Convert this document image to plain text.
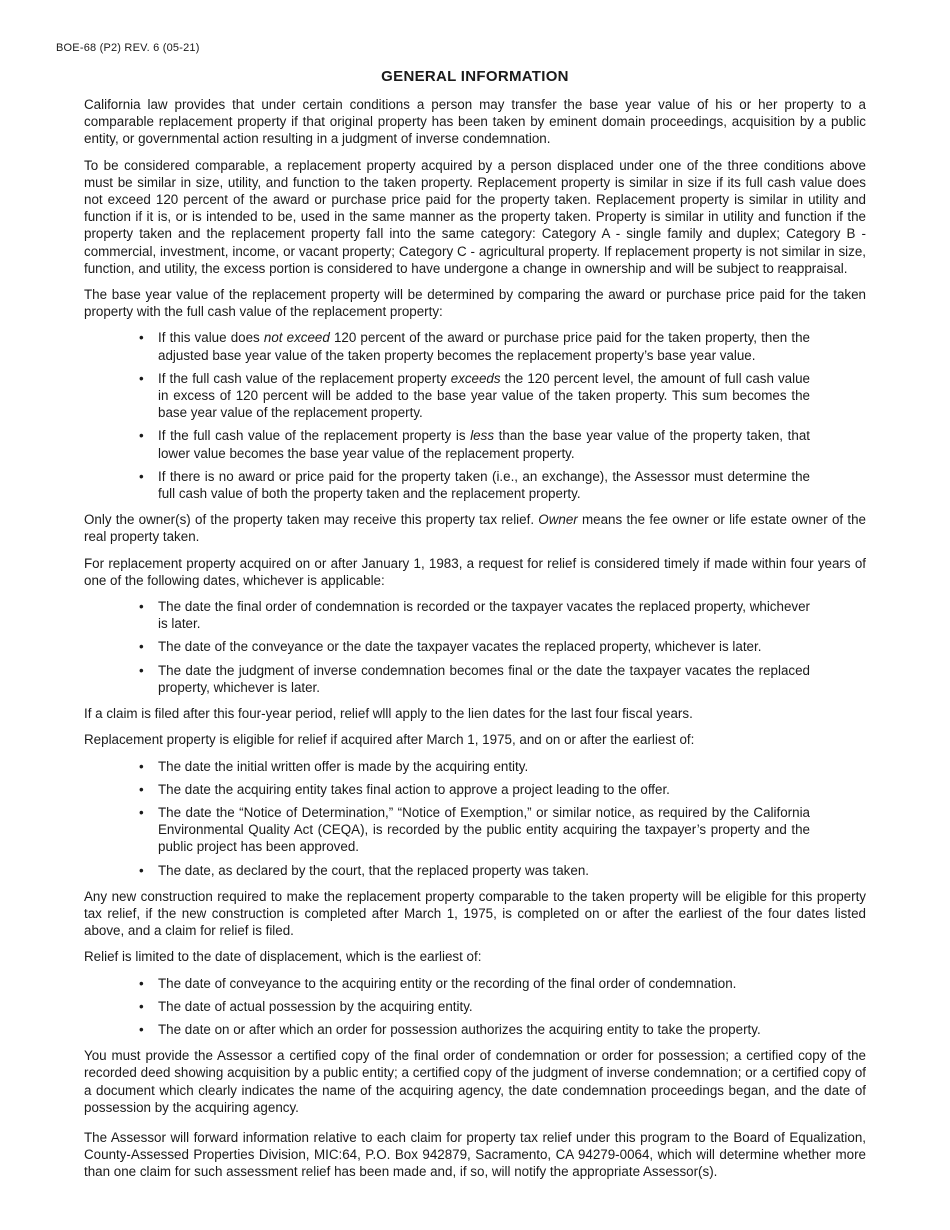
BOE-68 (P2) REV. 6 (05-21)
GENERAL INFORMATION

California law provides that under certain conditions a person may transfer the base year value of his or her property to a comparable replacement property if that original property has been taken by eminent domain proceedings, acquisition by a public entity, or governmental action resulting in a judgment of inverse condemnation.

To be considered comparable, a replacement property acquired by a person displaced under one of the three conditions above must be similar in size, utility, and function to the taken property. Replacement property is similar in size if its full cash value does not exceed 120 percent of the award or purchase price paid for the property taken. Replacement property is similar in utility and function if it is, or is intended to be, used in the same manner as the property taken. Property is similar in utility and function if the property taken and the replacement property fall into the same category: Category A - single family and duplex; Category B - commercial, investment, income, or vacant property; Category C - agricultural property. If replacement property is not similar in size, function, and utility, the excess portion is considered to have undergone a change in ownership and will be subject to reappraisal.

The base year value of the replacement property will be determined by comparing the award or purchase price paid for the taken property with the full cash value of the replacement property:

• If this value does not exceed 120 percent of the award or purchase price paid for the taken property, then the adjusted base year value of the taken property becomes the replacement property’s base year value.
• If the full cash value of the replacement property exceeds the 120 percent level, the amount of full cash value in excess of 120 percent will be added to the base year value of the taken property. This sum becomes the base year value of the replacement property.
• If the full cash value of the replacement property is less than the base year value of the property taken, that lower value becomes the base year value of the replacement property.
• If there is no award or price paid for the property taken (i.e., an exchange), the Assessor must determine the full cash value of both the property taken and the replacement property.

Only the owner(s) of the property taken may receive this property tax relief. Owner means the fee owner or life estate owner of the real property taken.

For replacement property acquired on or after January 1, 1983, a request for relief is considered timely if made within four years of one of the following dates, whichever is applicable:

• The date the final order of condemnation is recorded or the taxpayer vacates the replaced property, whichever is later.
• The date of the conveyance or the date the taxpayer vacates the replaced property, whichever is later.
• The date the judgment of inverse condemnation becomes final or the date the taxpayer vacates the replaced property, whichever is later.

If a claim is filed after this four-year period, relief wlll apply to the lien dates for the last four fiscal years.

Replacement property is eligible for relief if acquired after March 1, 1975, and on or after the earliest of:

• The date the initial written offer is made by the acquiring entity.
• The date the acquiring entity takes final action to approve a project leading to the offer.
• The date the “Notice of Determination,” “Notice of Exemption,” or similar notice, as required by the California Environmental Quality Act (CEQA), is recorded by the public entity acquiring the taxpayer’s property and the public project has been approved.
• The date, as declared by the court, that the replaced property was taken.

Any new construction required to make the replacement property comparable to the taken property will be eligible for this property tax relief, if the new construction is completed after March 1, 1975, is completed on or after the earliest of the four dates listed above, and a claim for relief is filed.

Relief is limited to the date of displacement, which is the earliest of:

• The date of conveyance to the acquiring entity or the recording of the final order of condemnation.
• The date of actual possession by the acquiring entity.
• The date on or after which an order for possession authorizes the acquiring entity to take the property.

You must provide the Assessor a certified copy of the final order of condemnation or order for possession; a certified copy of the recorded deed showing acquisition by a public entity; a certified copy of the judgment of inverse condemnation; or a certified copy of a document which clearly indicates the name of the acquiring agency, the date condemnation proceedings began, and the date of possession by the acquiring agency.

The Assessor will forward information relative to each claim for property tax relief under this program to the Board of Equalization, County-Assessed Properties Division, MIC:64, P.O. Box 942879, Sacramento, CA 94279-0064, which will determine whether more than one claim for such assessment relief has been made and, if so, will notify the appropriate Assessor(s).
